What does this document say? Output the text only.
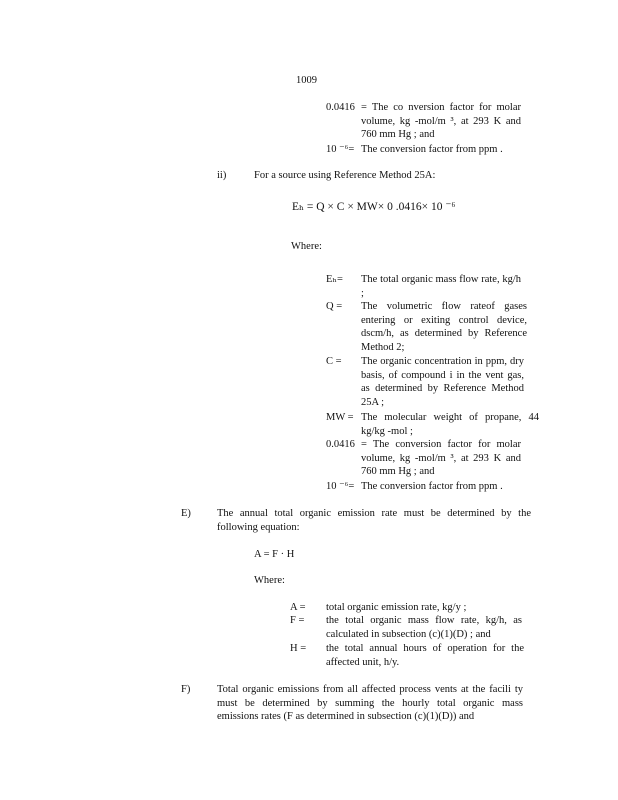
1009
0.0416 = The co nversion factor for molar volume, kg -mol/m ³, at 293 K and 760 mm Hg ; and
10 ⁻⁶= The conversion factor from ppm .
ii)	For a source using Reference Method 25A:
Eₕ = Q × C × MW× 0 .0416× 10 ⁻⁶
Where:
Eₕ= The total organic mass flow rate, kg/h ;
Q = The volumetric flow rateof gases entering or exiting control device, dscm/h, as determined by Reference Method 2;
C = The organic concentration in ppm, dry basis, of compound i in the vent gas, as determined by Reference Method 25A ;
MW = The molecular weight of propane, 44 kg/kg -mol ;
0.0416 = The conversion factor for molar volume, kg -mol/m ³, at 293 K and 760 mm Hg ; and
10 ⁻⁶= The conversion factor from ppm .
E) The annual total organic emission rate must be determined by the following equation:
A = F · H
Where:
A = total organic emission rate, kg/y ;
F = the total organic mass flow rate, kg/h, as calculated in subsection (c)(1)(D) ; and
H = the total annual hours of operation for the affected unit, h/y.
F)	Total organic emissions from all affected process vents at the facili ty must be determined by summing the hourly total organic mass emissions rates (F as determined in subsection (c)(1)(D)) and
